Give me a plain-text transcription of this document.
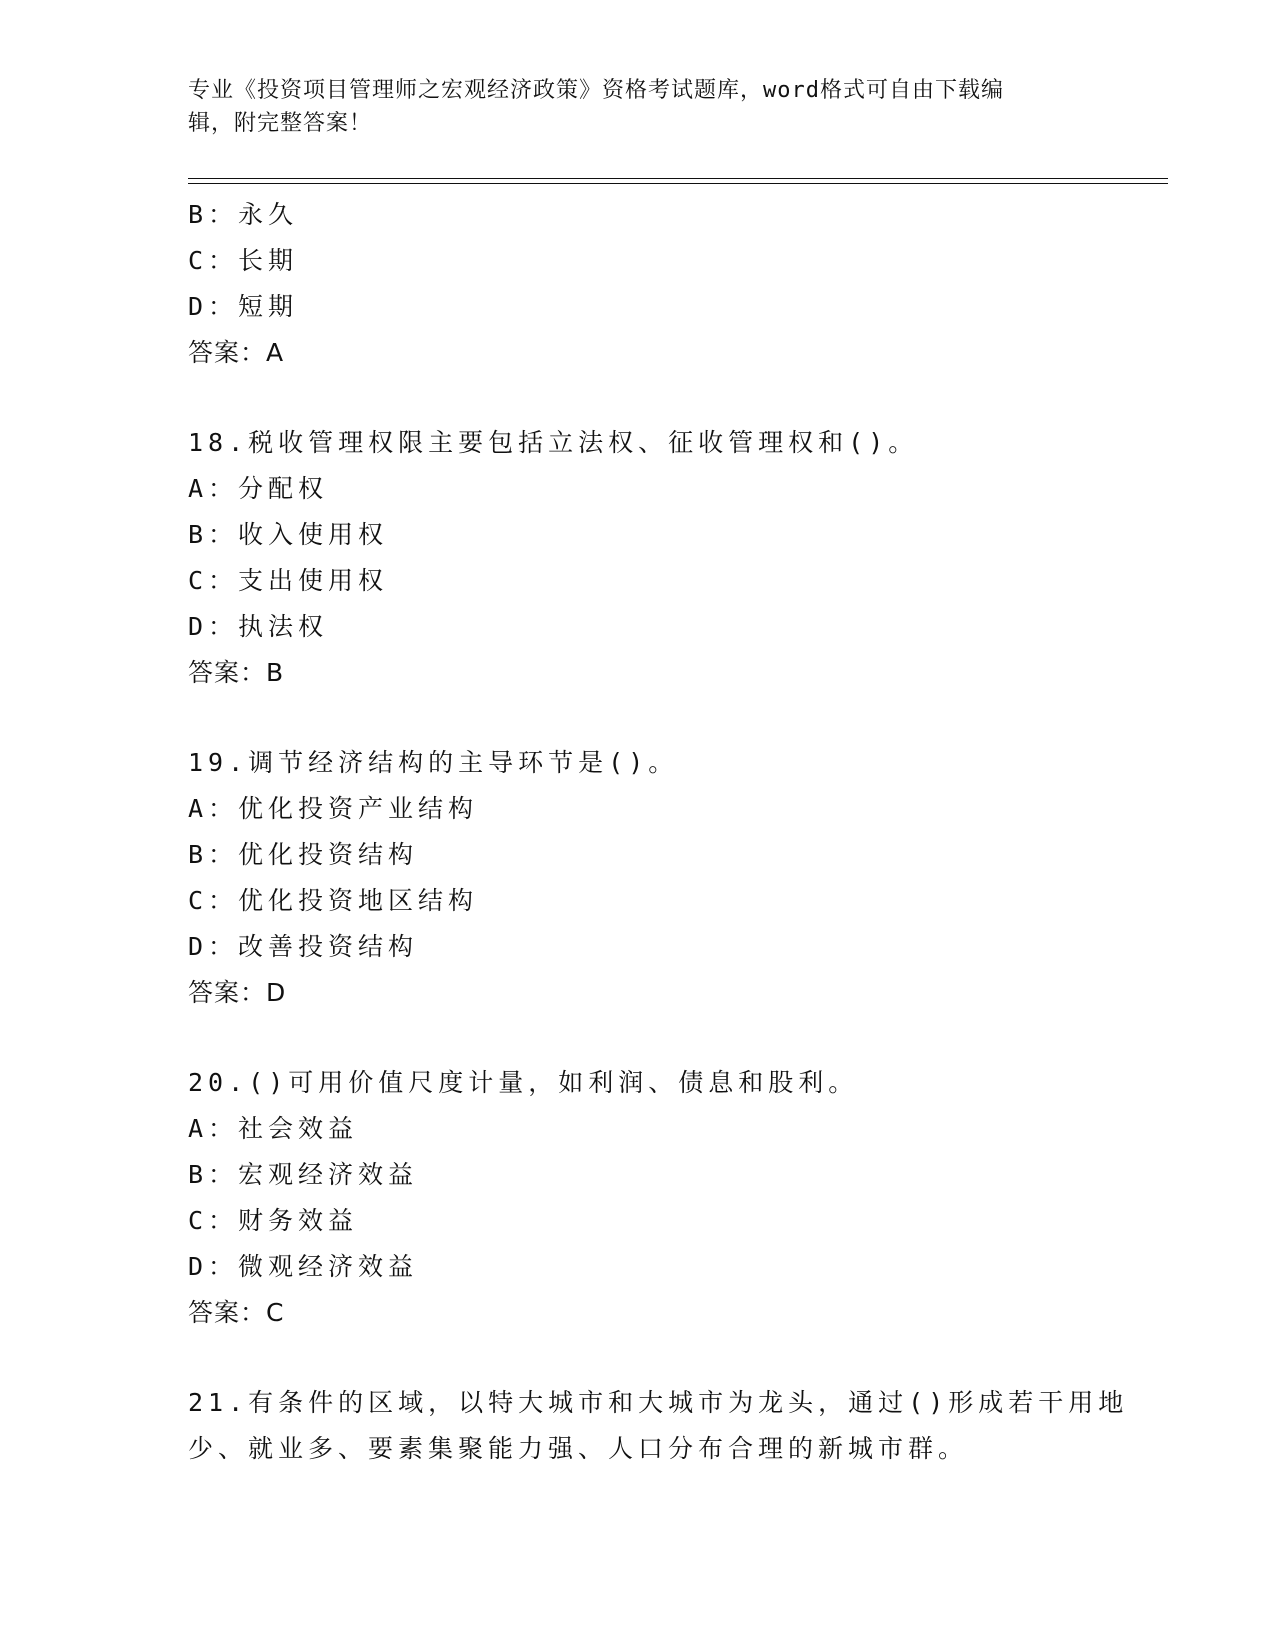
专业《投资项目管理师之宏观经济政策》资格考试题库，word格式可自由下载编
辑，附完整答案！
B：永久
C：长期
D：短期
答案：A
18.税收管理权限主要包括立法权、征收管理权和()。
A：分配权
B：收入使用权
C：支出使用权
D：执法权
答案：B
19.调节经济结构的主导环节是()。
A：优化投资产业结构
B：优化投资结构
C：优化投资地区结构
D：改善投资结构
答案：D
20.()可用价值尺度计量，如利润、债息和股利。
A：社会效益
B：宏观经济效益
C：财务效益
D：微观经济效益
答案：C
21.有条件的区域，以特大城市和大城市为龙头，通过()形成若干用地
少、就业多、要素集聚能力强、人口分布合理的新城市群。
